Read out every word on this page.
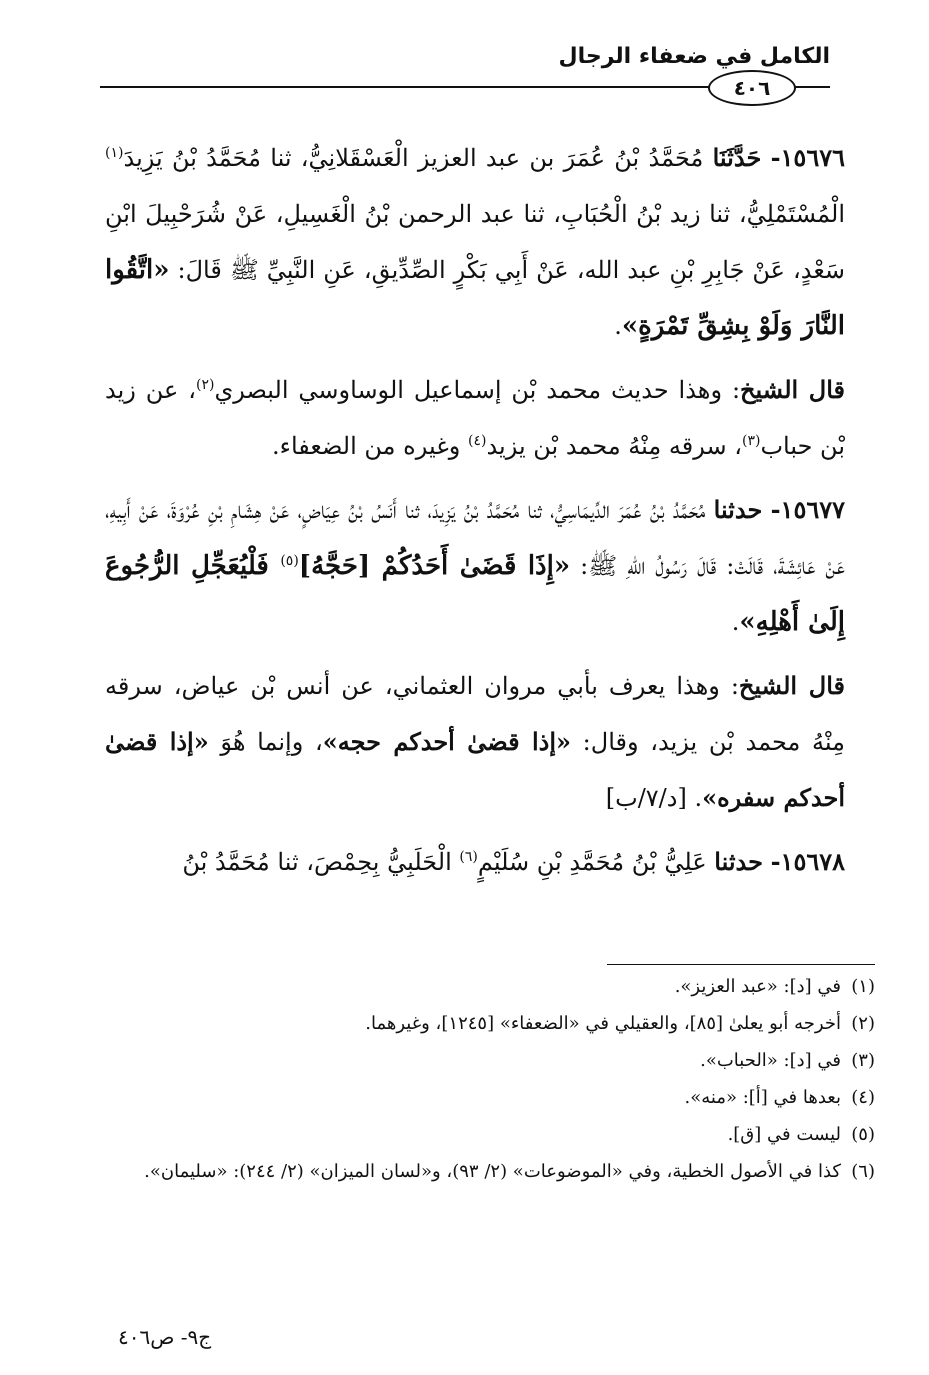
الكامل في ضعفاء الرجال
٤٠٦

١٥٦٧٦- حَدَّثَنَا مُحَمَّدُ بْنُ عُمَرَ بن عبد العزيز الْعَسْقَلانِيُّ، ثنا مُحَمَّدُ بْنُ يَزِيدَ$^{(١)}$ الْمُسْتَمْلِيُّ، ثنا زيد بْنُ الْحُبَابِ، ثنا عبد الرحمن بْنُ الْغَسِيلِ، عَنْ شُرَحْبِيلَ ابْنِ سَعْدٍ، عَنْ جَابِرِ بْنِ عبد الله، عَنْ أَبِي بَكْرٍ الصِّدِّيقِ، عَنِ النَّبِيِّ ﷺ قَالَ: «اتَّقُوا النَّارَ وَلَوْ بِشِقِّ تَمْرَةٍ».

قال الشيخ: وهذا حديث محمد بْن إسماعيل الوساوسي البصري$^{(٢)}$، عن زيد بْن حباب$^{(٣)}$، سرقه مِنْهُ محمد بْن يزيد$^{(٤)}$ وغيره من الضعفاء.

١٥٦٧٧- حدثنا مُحَمَّدُ بْنُ عُمَرَ الدِّيمَاسِيُّ، ثنا مُحَمَّدُ بْنُ يَزِيدَ، ثنا أَنَسُ بْنُ عِيَاضٍ، عَنْ هِشَامِ بْنِ عُرْوَةَ، عَنْ أَبِيهِ، عَنْ عَائِشَةَ، قَالَتْ: قَالَ رَسُولُ اللهِ ﷺ: «إِذَا قَضَىٰ أَحَدُكُمْ [حَجَّهُ]$^{(٥)}$ فَلْيُعَجِّلِ الرُّجُوعَ إِلَىٰ أَهْلِهِ».

قال الشيخ: وهذا يعرف بأبي مروان العثماني، عن أنس بْن عياض، سرقه مِنْهُ محمد بْن يزيد، وقال: «إذا قضىٰ أحدكم حجه»، وإنما هُوَ «إذا قضىٰ أحدكم سفره». [د/٧/ب]

١٥٦٧٨- حدثنا عَلِيُّ بْنُ مُحَمَّدِ بْنِ سُلَيْمٍ$^{(٦)}$ الْحَلَبِيُّ بِحِمْصَ، ثنا مُحَمَّدُ بْنُ

(١)
في [د]: «عبد العزيز».
(٢)
أخرجه أبو يعلىٰ [٨٥]، والعقيلي في «الضعفاء» [١٢٤٥]، وغيرهما.
(٣)
في [د]: «الحباب».
(٤)
بعدها في [أ]: «منه».
(٥)
ليست في [ق].
(٦)
كذا في الأصول الخطية، وفي «الموضوعات» (٢/ ٩٣)، و«لسان الميزان» (٢/ ٢٤٤): «سليمان».
ج٩- ص٤٠٦
